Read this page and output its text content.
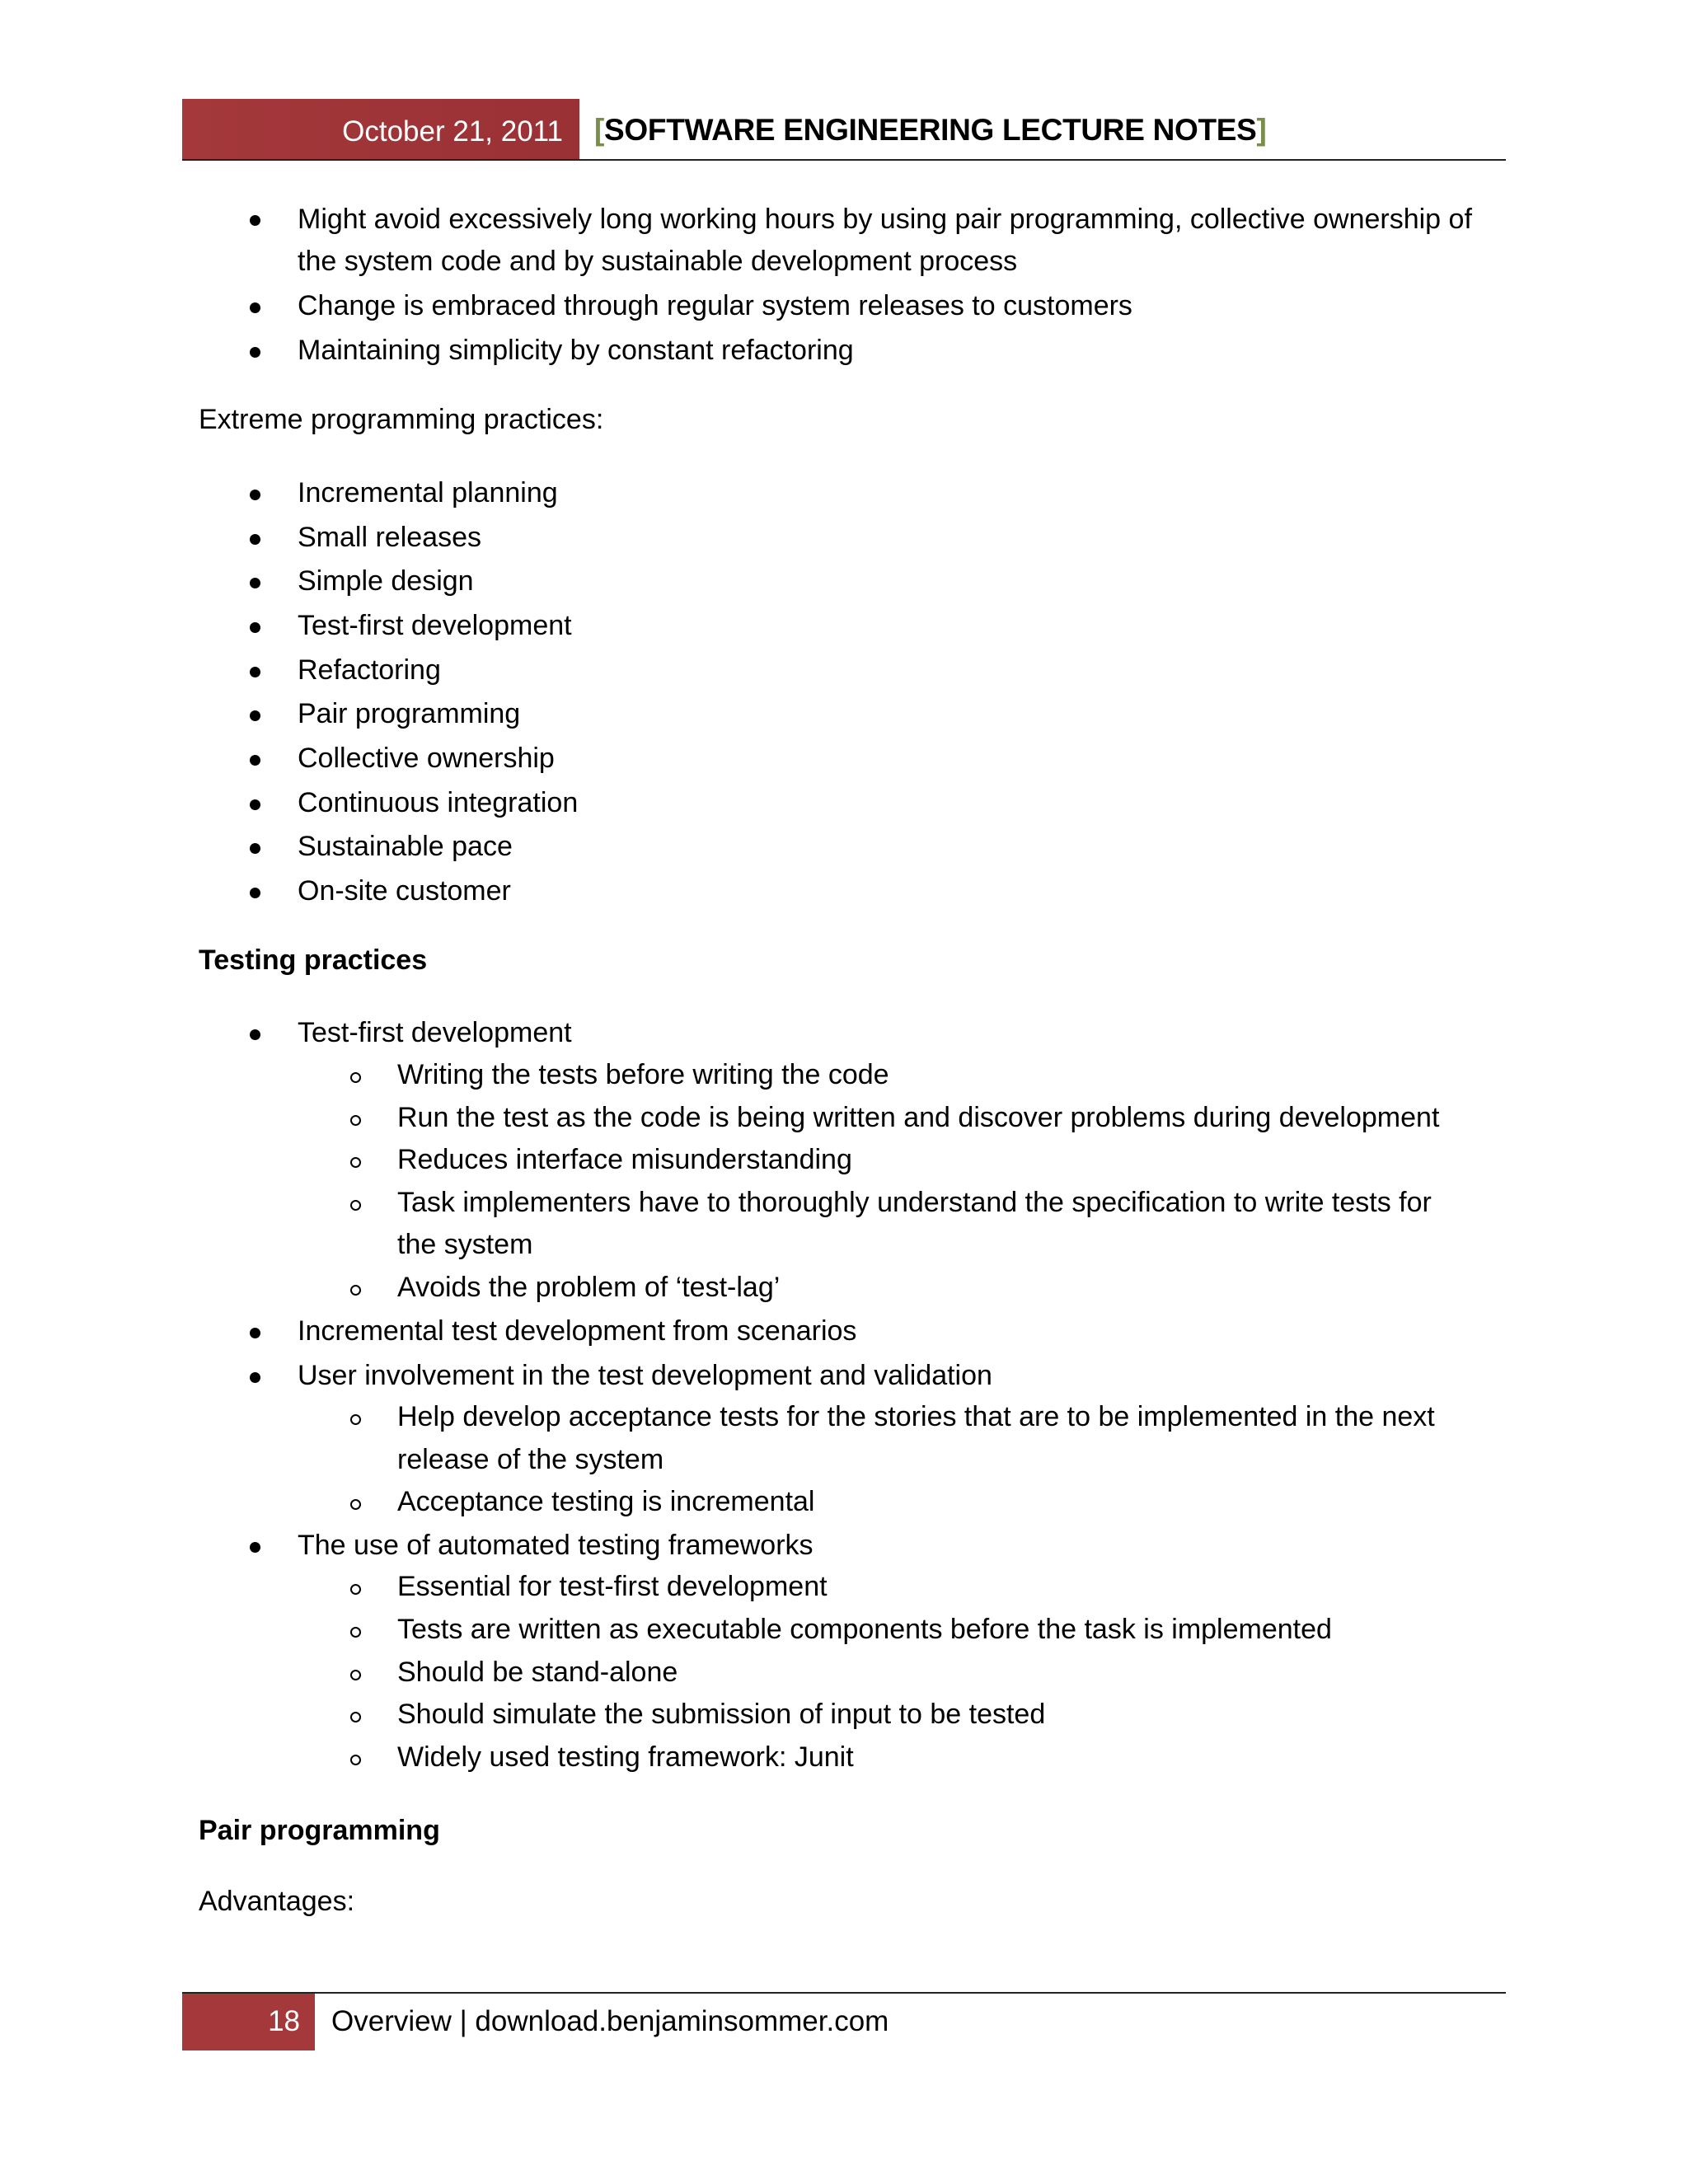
October 21, 2011 [SOFTWARE ENGINEERING LECTURE NOTES]
Might avoid excessively long working hours by using pair programming, collective ownership of
the system code and by sustainable development process
Change is embraced through regular system releases to customers
Maintaining simplicity by constant refactoring
Extreme programming practices:
Incremental planning
Small releases
Simple design
Test-first development
Refactoring
Pair programming
Collective ownership
Continuous integration
Sustainable pace
On-site customer
Testing practices
Test-first development
Writing the tests before writing the code
Run the test as the code is being written and discover problems during development
Reduces interface misunderstanding
Task implementers have to thoroughly understand the specification to write tests for
the system
Avoids the problem of ‘test-lag’
Incremental test development from scenarios
User involvement in the test development and validation
Help develop acceptance tests for the stories that are to be implemented in the next
release of the system
Acceptance testing is incremental
The use of automated testing frameworks
Essential for test-first development
Tests are written as executable components before the task is implemented
Should be stand-alone
Should simulate the submission of input to be tested
Widely used testing framework: Junit
Pair programming
Advantages:
18 Overview | download.benjaminsommer.com
